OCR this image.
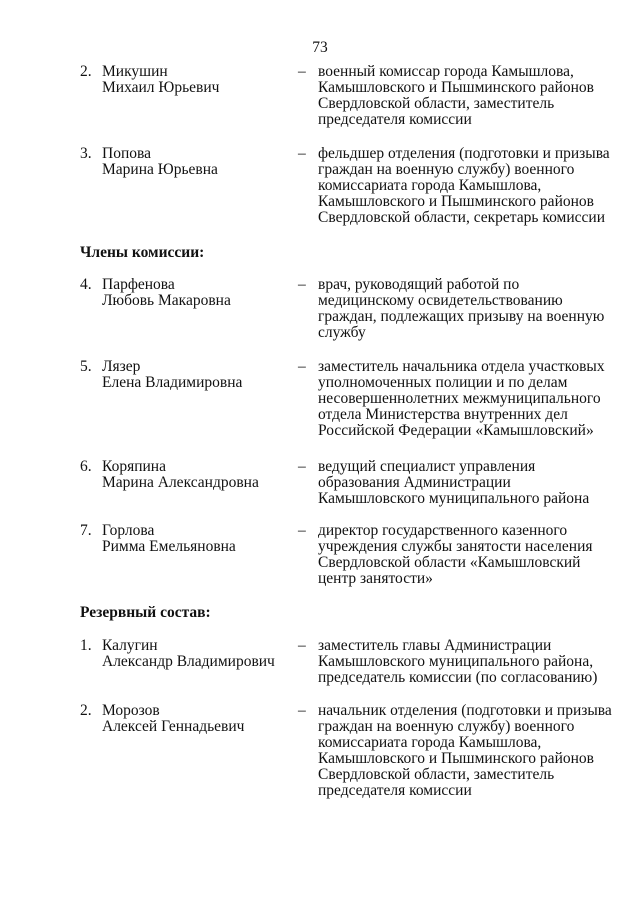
73
2. Микушин
Михаил Юрьевич
– военный комиссар города Камышлова,
Камышловского и Пышминского районов
Свердловской области, заместитель
председателя комиссии
3. Попова
Марина Юрьевна
– фельдшер отделения (подготовки и призыва
граждан на военную службу) военного
комиссариата города Камышлова,
Камышловского и Пышминского районов
Свердловской области, секретарь комиссии
Члены комиссии:
4. Парфенова
Любовь Макаровна
– врач, руководящий работой по
медицинскому освидетельствованию
граждан, подлежащих призыву на военную
службу
5. Лязер
Елена Владимировна
– заместитель начальника отдела участковых
уполномоченных полиции и по делам
несовершеннолетних межмуниципального
отдела Министерства внутренних дел
Российской Федерации «Камышловский»
6. Коряпина
Марина Александровна
– ведущий специалист управления
образования Администрации
Камышловского муниципального района
7. Горлова
Римма Емельяновна
– директор государственного казенного
учреждения службы занятости населения
Свердловской области «Камышловский
центр занятости»
Резервный состав:
1. Калугин
Александр Владимирович
– заместитель главы Администрации
Камышловского муниципального района,
председатель комиссии (по согласованию)
2. Морозов
Алексей Геннадьевич
– начальник отделения (подготовки и призыва
граждан на военную службу) военного
комиссариата города Камышлова,
Камышловского и Пышминского районов
Свердловской области, заместитель
председателя комиссии
